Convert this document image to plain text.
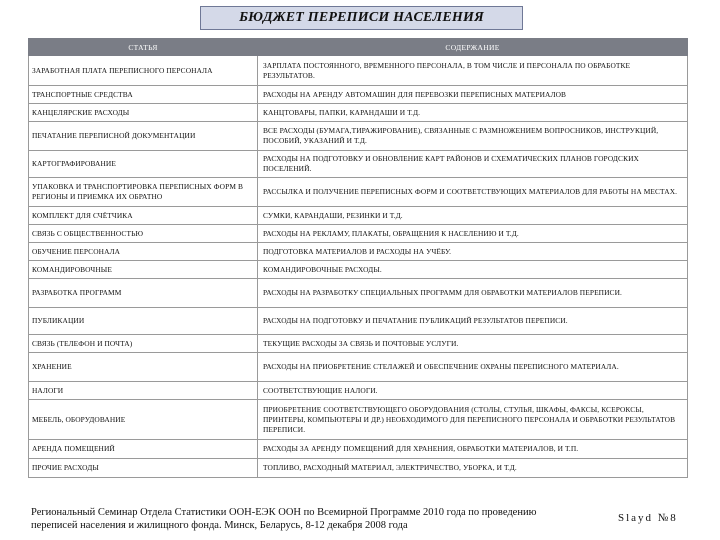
БЮДЖЕТ ПЕРЕПИСИ НАСЕЛЕНИЯ
СТАТЬЯ	СОДЕРЖАНИЕ
ЗАРАБОТНАЯ ПЛАТА ПЕРЕПИСНОГО ПЕРСОНАЛА	ЗАРПЛАТА ПОСТОЯННОГО, ВРЕМЕННОГО ПЕРСОНАЛА, В ТОМ ЧИСЛЕ И ПЕРСОНАЛА ПО ОБРАБОТКЕ РЕЗУЛЬТАТОВ.
ТРАНСПОРТНЫЕ СРЕДСТВА	РАСХОДЫ НА АРЕНДУ АВТОМАШИН ДЛЯ ПЕРЕВОЗКИ ПЕРЕПИСНЫХ МАТЕРИАЛОВ
КАНЦЕЛЯРСКИЕ РАСХОДЫ	КАНЦТОВАРЫ, ПАПКИ, КАРАНДАШИ И Т.Д.
ПЕЧАТАНИЕ ПЕРЕПИСНОЙ ДОКУМЕНТАЦИИ	ВСЕ РАСХОДЫ (БУМАГА,ТИРАЖИРОВАНИЕ), СВЯЗАННЫЕ С РАЗМНОЖЕНИЕМ ВОПРОСНИКОВ, ИНСТРУКЦИЙ, ПОСОБИЙ, УКАЗАНИЙ И Т.Д.
КАРТОГРАФИРОВАНИЕ	РАСХОДЫ НА ПОДГОТОВКУ И ОБНОВЛЕНИЕ КАРТ РАЙОНОВ И СХЕМАТИЧЕСКИХ ПЛАНОВ ГОРОДСКИХ ПОСЕЛЕНИЙ.
УПАКОВКА И ТРАНСПОРТИРОВКА ПЕРЕПИСНЫХ ФОРМ В РЕГИОНЫ И ПРИЕМКА ИХ ОБРАТНО	РАССЫЛКА И ПОЛУЧЕНИЕ ПЕРЕПИСНЫХ ФОРМ И СООТВЕТСТВУЮЩИХ МАТЕРИАЛОВ ДЛЯ РАБОТЫ НА МЕСТАХ.
КОМПЛЕКТ ДЛЯ СЧЁТЧИКА	СУМКИ, КАРАНДАШИ, РЕЗИНКИ И Т.Д.
СВЯЗЬ С ОБЩЕСТВЕННОСТЬЮ	РАСХОДЫ НА РЕКЛАМУ, ПЛАКАТЫ, ОБРАЩЕНИЯ К НАСЕЛЕНИЮ И Т.Д.
ОБУЧЕНИЕ ПЕРСОНАЛА	ПОДГОТОВКА МАТЕРИАЛОВ И РАСХОДЫ НА УЧЁБУ.
КОМАНДИРОВОЧНЫЕ	КОМАНДИРОВОЧНЫЕ РАСХОДЫ.
РАЗРАБОТКА ПРОГРАММ	РАСХОДЫ НА РАЗРАБОТКУ СПЕЦИАЛЬНЫХ ПРОГРАММ ДЛЯ ОБРАБОТКИ МАТЕРИАЛОВ ПЕРЕПИСИ.
ПУБЛИКАЦИИ	РАСХОДЫ НА ПОДГОТОВКУ И ПЕЧАТАНИЕ ПУБЛИКАЦИЙ РЕЗУЛЬТАТОВ ПЕРЕПИСИ.
СВЯЗЬ (ТЕЛЕФОН И ПОЧТА)	ТЕКУЩИЕ РАСХОДЫ ЗА СВЯЗЬ И ПОЧТОВЫЕ УСЛУГИ.
ХРАНЕНИЕ	РАСХОДЫ НА ПРИОБРЕТЕНИЕ СТЕЛАЖЕЙ И ОБЕСПЕЧЕНИЕ ОХРАНЫ ПЕРЕПИСНОГО МАТЕРИАЛА.
НАЛОГИ	СООТВЕТСТВУЮЩИЕ НАЛОГИ.
МЕБЕЛЬ, ОБОРУДОВАНИЕ	ПРИОБРЕТЕНИЕ СООТВЕТСТВУЮЩЕГО ОБОРУДОВАНИЯ (СТОЛЫ, СТУЛЬЯ, ШКАФЫ, ФАКСЫ, КСЕРОКСЫ, ПРИНТЕРЫ, КОМПЬЮТЕРЫ И ДР.) НЕОБХОДИМОГО ДЛЯ ПЕРЕПИСНОГО ПЕРСОНАЛА И ОБРАБОТКИ РЕЗУЛЬТАТОВ ПЕРЕПИСИ.
АРЕНДА ПОМЕЩЕНИЙ	РАСХОДЫ ЗА АРЕНДУ ПОМЕЩЕНИЙ ДЛЯ ХРАНЕНИЯ, ОБРАБОТКИ МАТЕРИАЛОВ, И Т.П.
ПРОЧИЕ РАСХОДЫ	ТОПЛИВО, РАСХОДНЫЙ МАТЕРИАЛ, ЭЛЕКТРИЧЕСТВО, УБОРКА, И Т.Д.
Региональный Семинар Отдела Статистики ООН-ЕЭК ООН по Всемирной Программе 2010 года по проведению
переписей населения и жилищного фонда. Минск, Беларусь, 8-12 декабря 2008 года
Slayd №8
